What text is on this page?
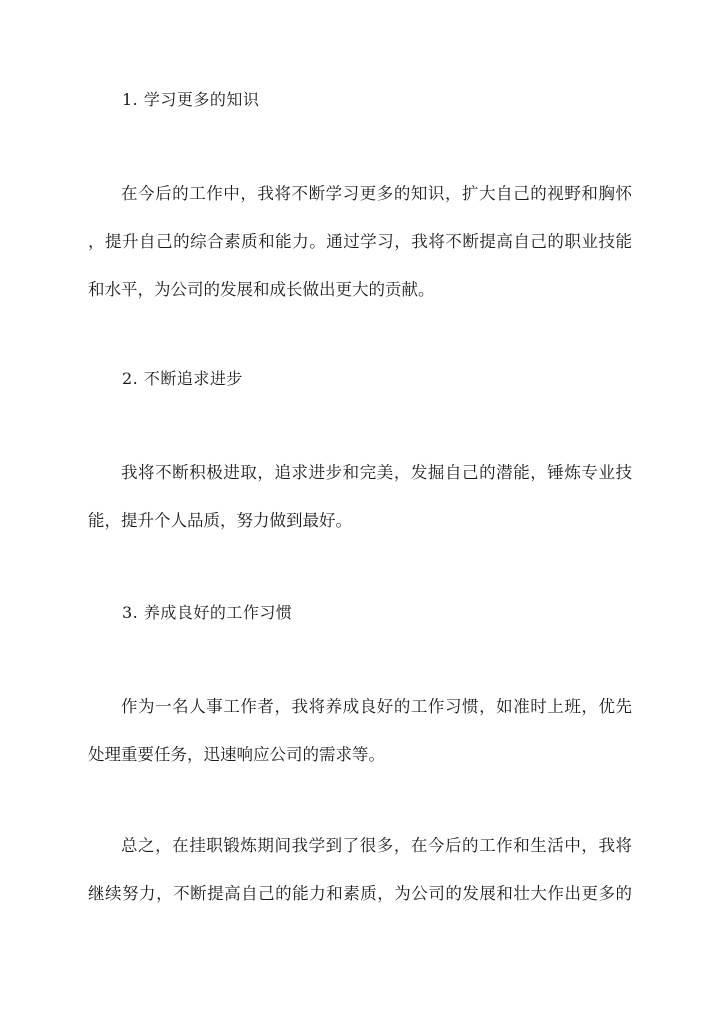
1. 学习更多的知识
在今后的工作中，我将不断学习更多的知识，扩大自己的视野和胸怀
，提升自己的综合素质和能力。通过学习，我将不断提高自己的职业技能
和水平，为公司的发展和成长做出更大的贡献。
2. 不断追求进步
我将不断积极进取，追求进步和完美，发掘自己的潜能，锤炼专业技
能，提升个人品质，努力做到最好。
3. 养成良好的工作习惯
作为一名人事工作者，我将养成良好的工作习惯，如准时上班，优先
处理重要任务，迅速响应公司的需求等。
总之，在挂职锻炼期间我学到了很多，在今后的工作和生活中，我将
继续努力，不断提高自己的能力和素质，为公司的发展和壮大作出更多的
